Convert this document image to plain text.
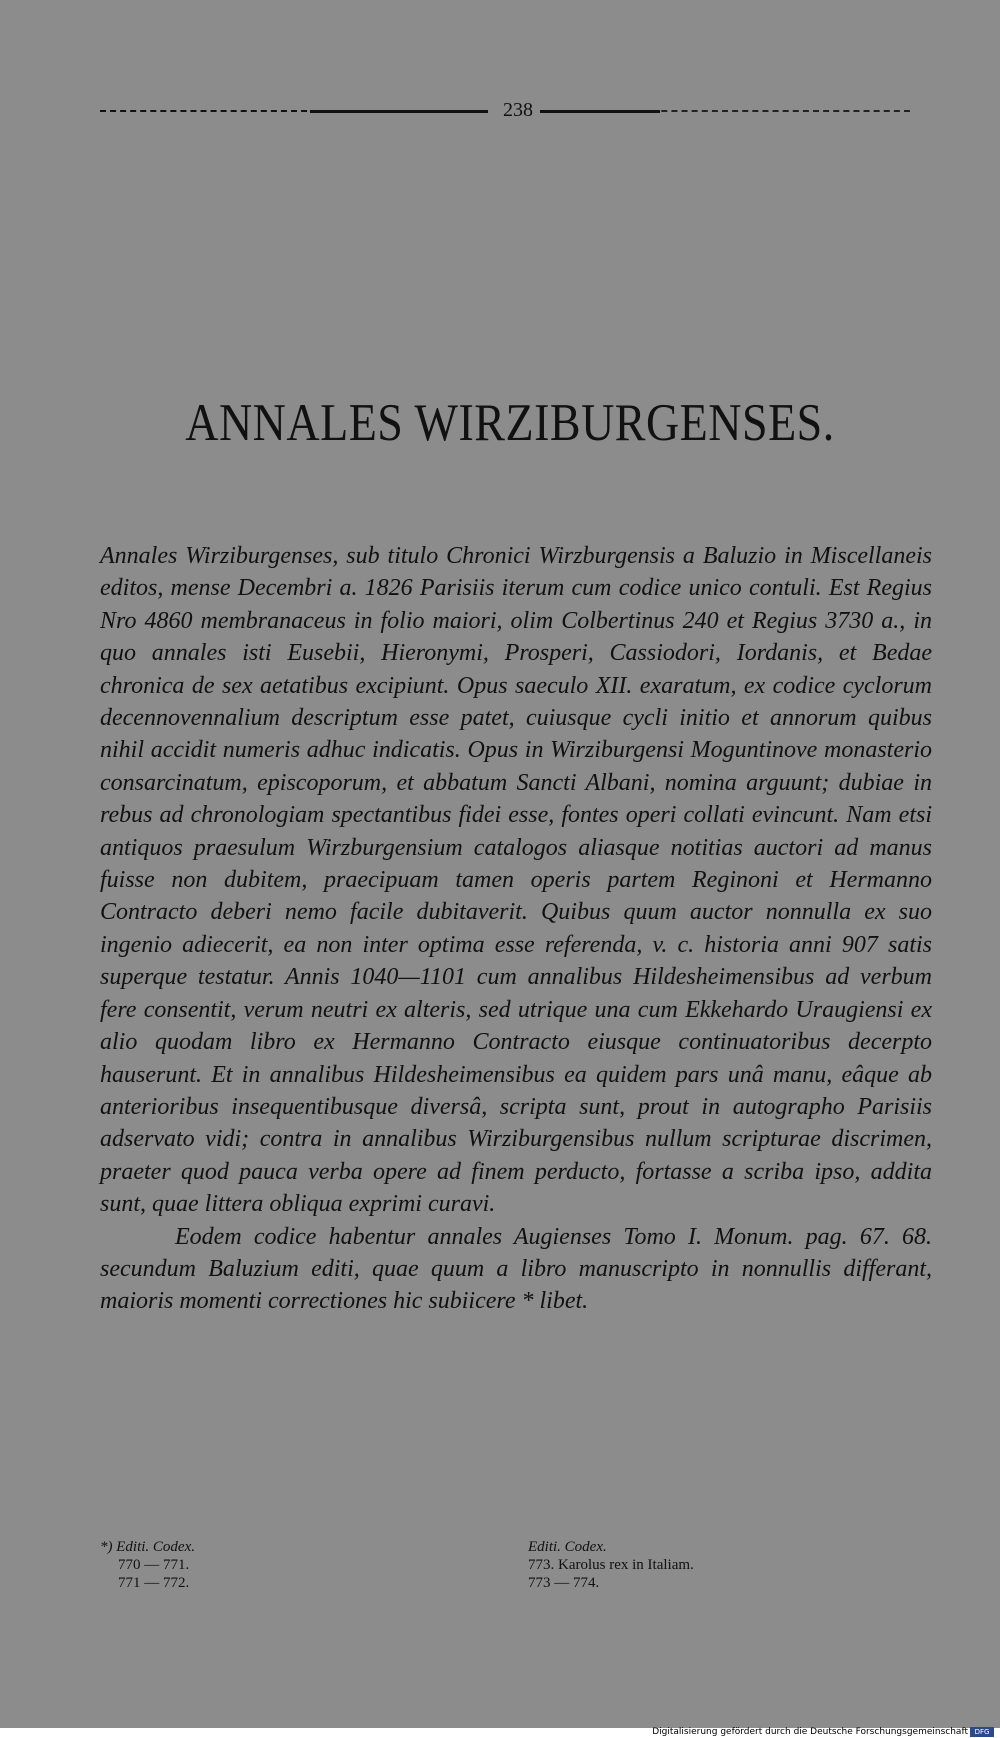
238
ANNALES WIRZIBURGENSES.

Annales Wirziburgenses, sub titulo Chronici Wirzburgensis a Baluzio in Miscellaneis editos, mense Decembri a. 1826 Parisiis iterum cum codice unico contuli. Est Regius Nro 4860 membranaceus in folio maiori, olim Colbertinus 240 et Regius 3730 a., in quo annales isti Eusebii, Hieronymi, Prosperi, Cassiodori, Iordanis, et Bedae chronica de sex aetatibus excipiunt. Opus saeculo XII. exaratum, ex codice cyclorum decennovennalium descriptum esse patet, cuiusque cycli initio et annorum quibus nihil accidit numeris adhuc indicatis. Opus in Wirziburgensi Moguntinove monasterio consarcinatum, episcoporum, et abbatum Sancti Albani, nomina arguunt; dubiae in rebus ad chronologiam spectantibus fidei esse, fontes operi collati evincunt. Nam etsi antiquos praesulum Wirzburgensium catalogos aliasque notitias auctori ad manus fuisse non dubitem, praecipuam tamen operis partem Reginoni et Hermanno Contracto deberi nemo facile dubitaverit. Quibus quum auctor nonnulla ex suo ingenio adiecerit, ea non inter optima esse referenda, v. c. historia anni 907 satis superque testatur. Annis 1040—1101 cum annalibus Hildesheimensibus ad verbum fere consentit, verum neutri ex alteris, sed utrique una cum Ekkehardo Uraugiensi ex alio quodam libro ex Hermanno Contracto eiusque continuatoribus decerpto hauserunt. Et in annalibus Hildesheimensibus ea quidem pars unâ manu, eâque ab anterioribus insequentibusque diversâ, scripta sunt, prout in autographo Parisiis adservato vidi; contra in annalibus Wirziburgensibus nullum scripturae discrimen, praeter quod pauca verba opere ad finem perducto, fortasse a scriba ipso, addita sunt, quae littera obliqua exprimi curavi.

Eodem codice habentur annales Augienses Tomo I. Monum. pag. 67. 68. secundum Baluzium editi, quae quum a libro manuscripto in nonnullis differant, maioris momenti correctiones hic subiicere * libet.

*) Editi. Codex.
770 — 771.
771 — 772.
Editi. Codex.
773. Karolus rex in Italiam.
773 — 774.
Digitalisierung gefördert durch die Deutsche Forschungsgemeinschaft DFG
